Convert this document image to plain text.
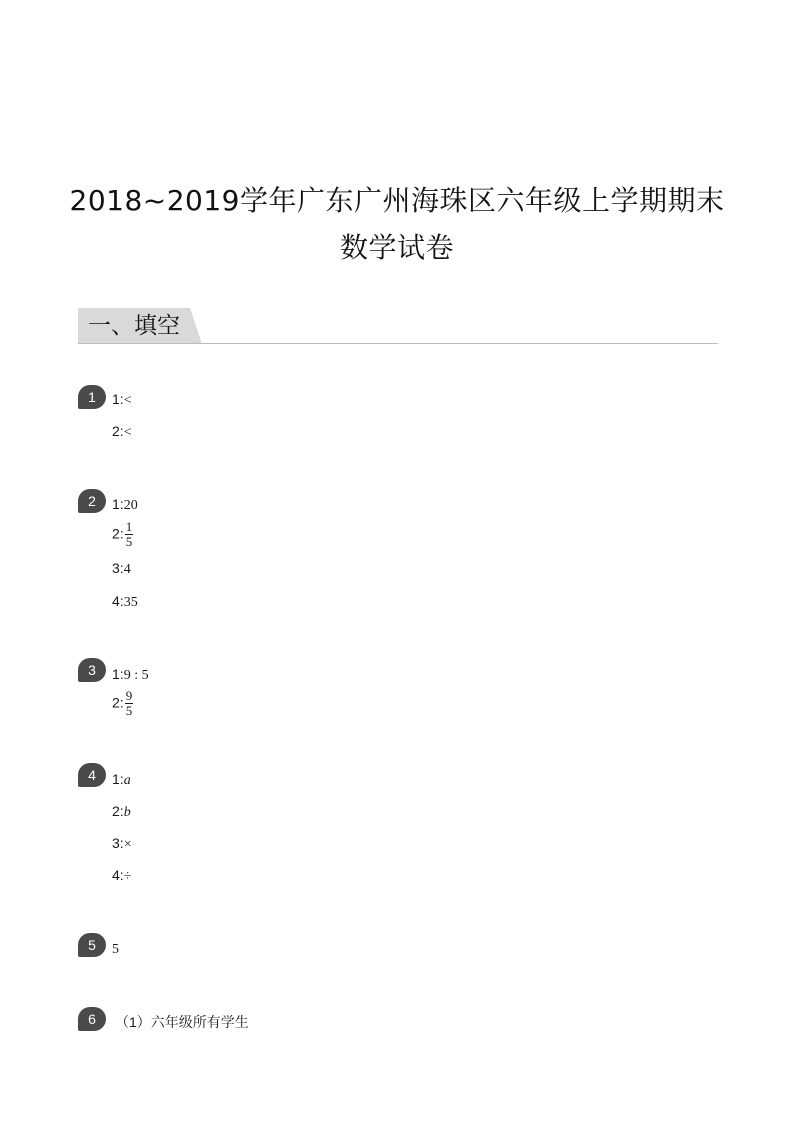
2018~2019学年广东广州海珠区六年级上学期期末
数学试卷
一、填空
1	1:<
2:<
2	1:20
2: $\frac{1}{5}$
3:4
4:35
3	1:9 : 5
2: $\frac{9}{5}$
4	1:a
2:b
3:×
4:÷
5	5
6	（1）六年级所有学生
